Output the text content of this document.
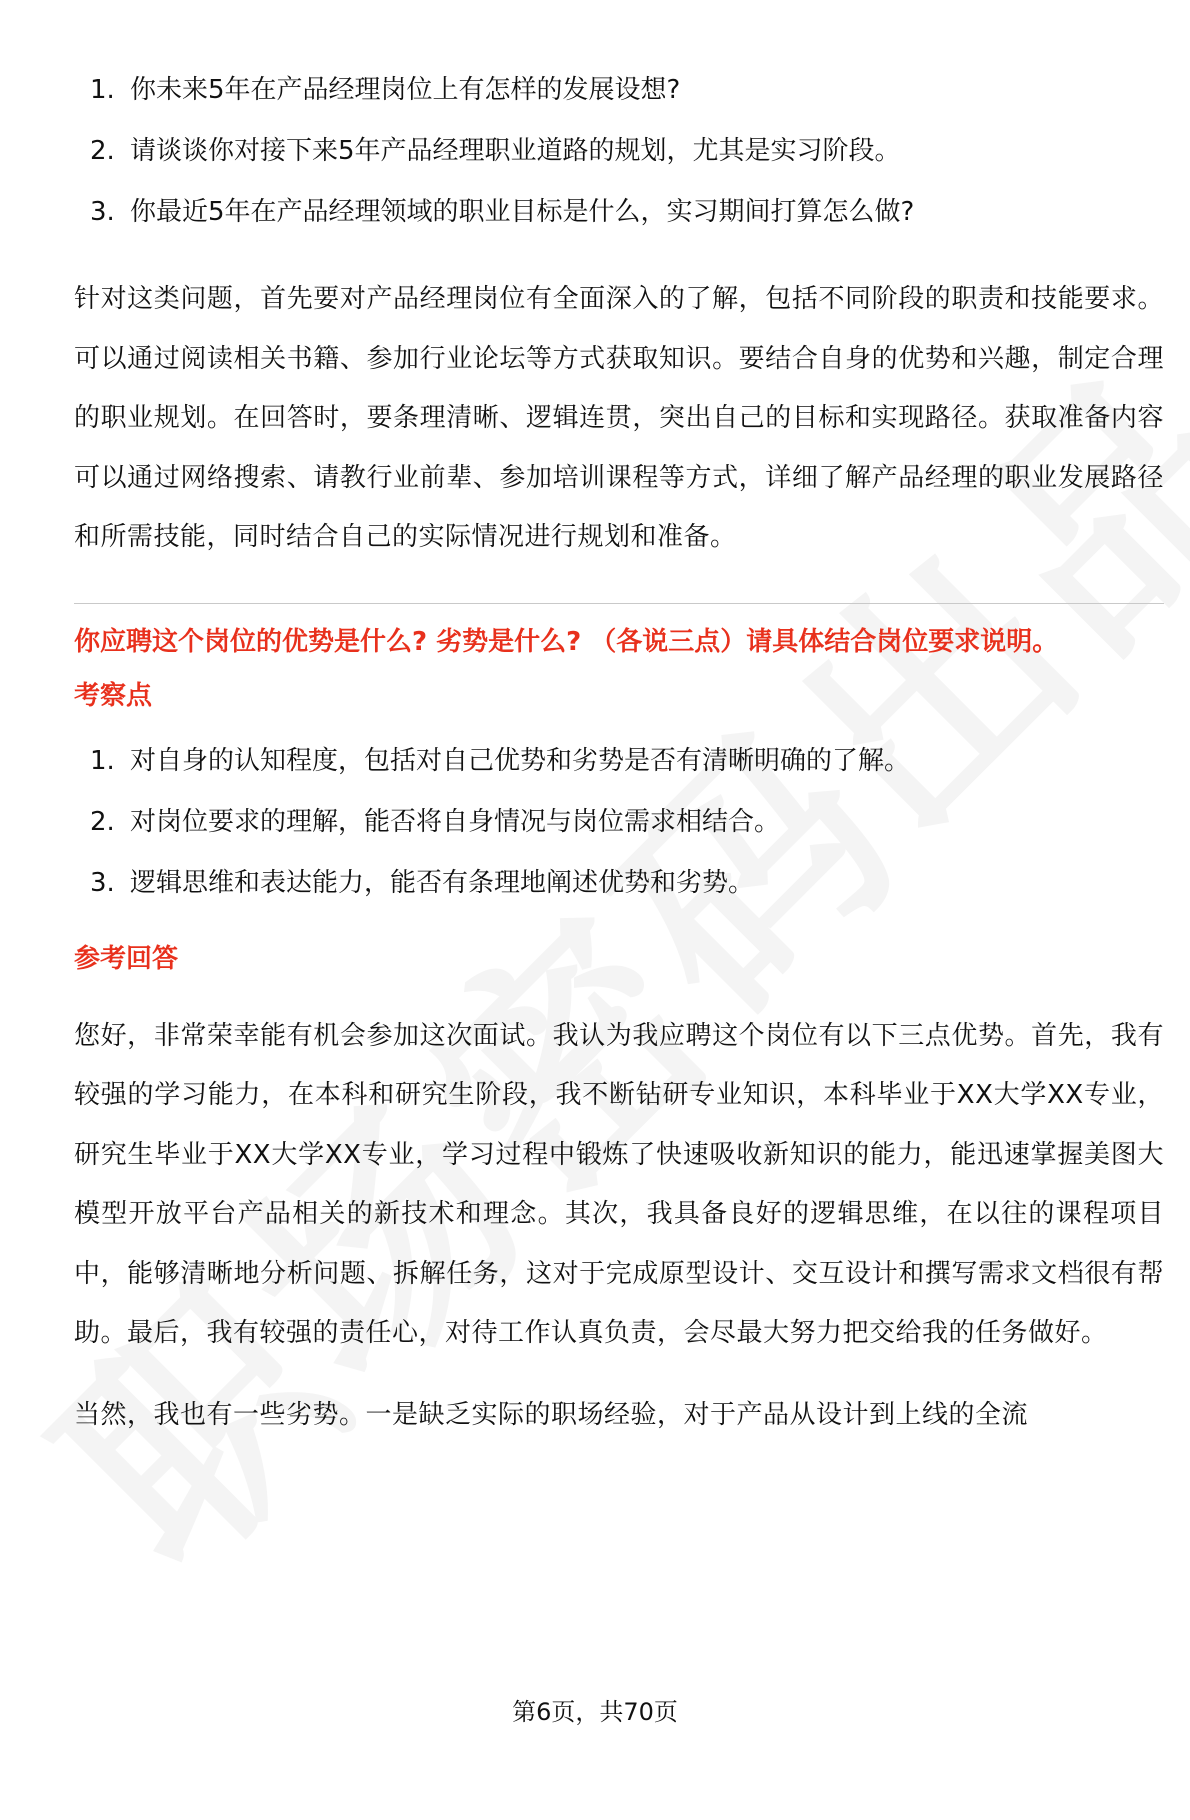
1. 你未来5年在产品经理岗位上有怎样的发展设想?
2. 请谈谈你对接下来5年产品经理职业道路的规划，尤其是实习阶段。
3. 你最近5年在产品经理领域的职业目标是什么，实习期间打算怎么做?

针对这类问题，首先要对产品经理岗位有全面深入的了解，包括不同阶段的职责和技能要求。可以通过阅读相关书籍、参加行业论坛等方式获取知识。要结合自身的优势和兴趣，制定合理的职业规划。在回答时，要条理清晰、逻辑连贯，突出自己的目标和实现路径。获取准备内容可以通过网络搜索、请教行业前辈、参加培训课程等方式，详细了解产品经理的职业发展路径和所需技能，同时结合自己的实际情况进行规划和准备。

你应聘这个岗位的优势是什么? 劣势是什么? （各说三点）请具体结合岗位要求说明。
考察点
1. 对自身的认知程度，包括对自己优势和劣势是否有清晰明确的了解。
2. 对岗位要求的理解，能否将自身情况与岗位需求相结合。
3. 逻辑思维和表达能力，能否有条理地阐述优势和劣势。
参考回答

您好，非常荣幸能有机会参加这次面试。我认为我应聘这个岗位有以下三点优势。首先，我有较强的学习能力，在本科和研究生阶段，我不断钻研专业知识，本科毕业于XX大学XX专业，研究生毕业于XX大学XX专业，学习过程中锻炼了快速吸收新知识的能力，能迅速掌握美图大模型开放平台产品相关的新技术和理念。其次，我具备良好的逻辑思维，在以往的课程项目中，能够清晰地分析问题、拆解任务，这对于完成原型设计、交互设计和撰写需求文档很有帮助。最后，我有较强的责任心，对待工作认真负责，会尽最大努力把交给我的任务做好。

当然，我也有一些劣势。一是缺乏实际的职场经验，对于产品从设计到上线的全流

第6页，共70页
